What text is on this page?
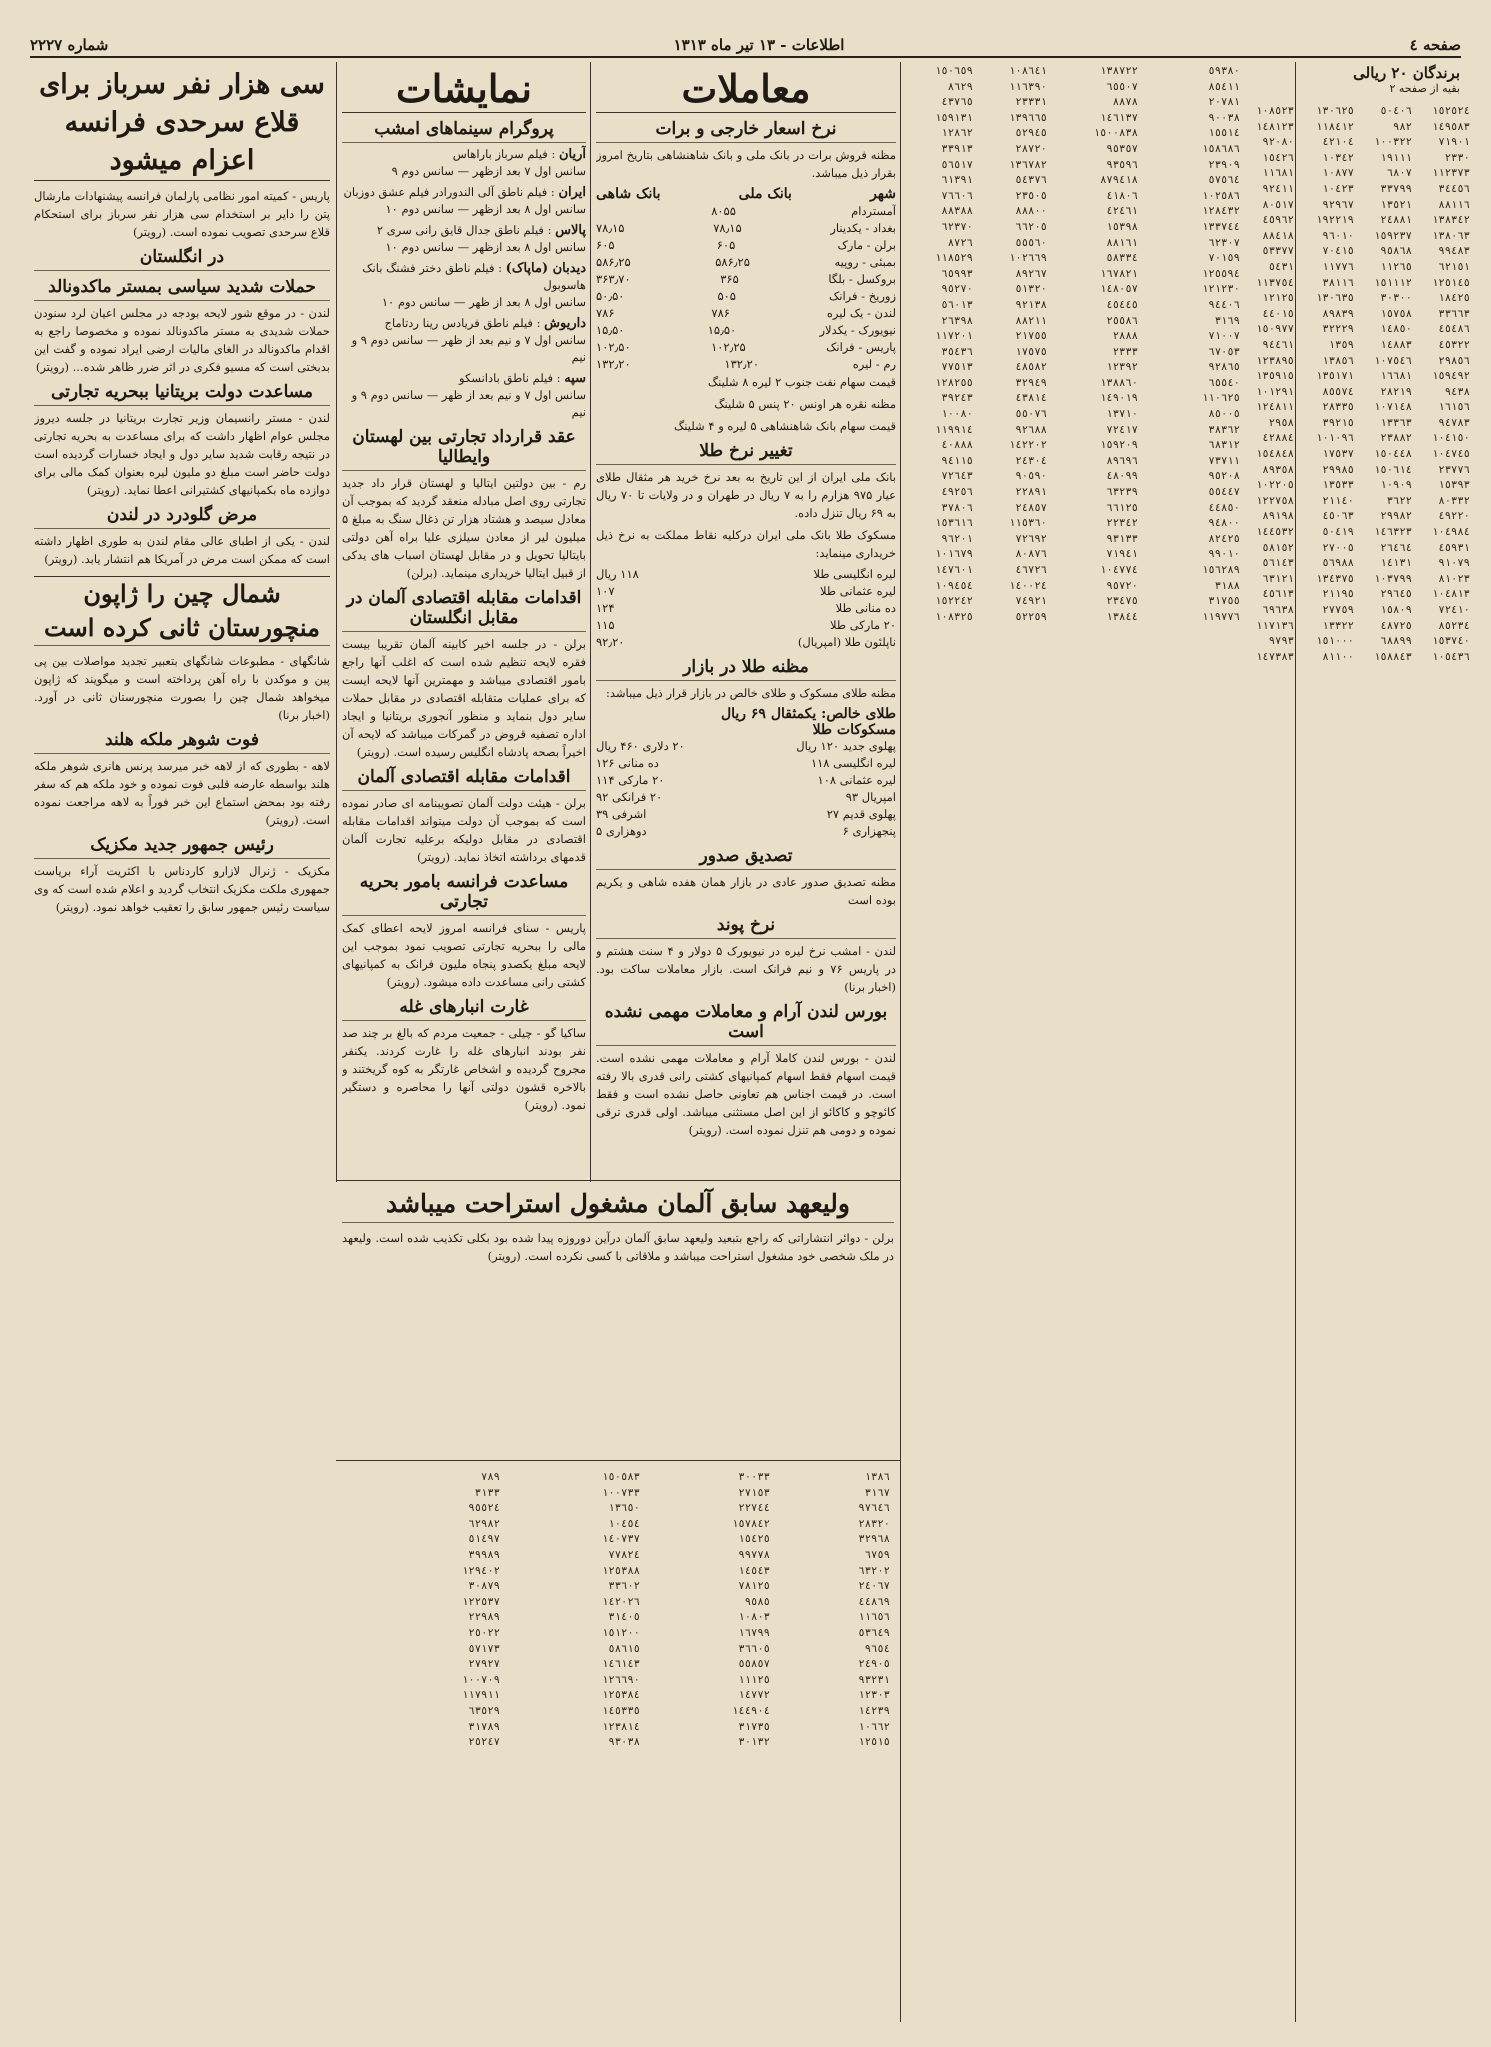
صفحه ٤
اطلاعات - ۱۳ تیر ماه ۱۳۱۳
شماره ۲۲۲۷
برندگان ۲۰ ریالی
بقیه از صفحه ۲
١٥٢٥٢٤
١٤٩٥٨٣
٧١٩٠١
٢٣٣٠
١١٢٣٧٣
٣٤٤٥٦
٨٨١١٦
١٣٨٣٤٢
١٣٨٠٦٣
٩٩٤٨٣
٦٢١٥١
١٢٥١٤٥
١٨٤٢٥
٣٣٦٦٣
٤٥٤٨٦
٤٥٣٢٢
٢٩٨٥٦
١٥٩٤٩٢
٩٤٣٨
١٦١٥٦
٩٤٧٨٣
١٠٤١٥٠
١٠٤٧٤٥
٢٣٧٧٦
١٥٣٩٣
٨٠٣٣٢
٤٩٢٢٠
١٠٤٩٨٤
٤٥٩٣١
٩١٠٧٩
٨١٠٢٣
١٠٤٨١٣
٧٢٤١٠
٨٥٢٣٤
١٥٣٧٤٠
١٠٥٤٣٦
٥٠٤٠٦
٩٨٢
١٠٠٣٢٢
١٩١١١
٦٨٠٧
٣٣٧٩٩
١٣٥٢١
٢٤٨٨١
١٥٩٢٣٧
٩٥٨٦٨
١١٢٦٥
١٥١١١٢
٣٠٣٠٠
١٥٧٥٨
١٤٨٥٠
١٤٨٨٣
١٠٧٥٤٦
١٦٦٨١
٢٨٢١٩
١٠٧١٤٨
١٣٣٦٣
٢٣٨٨٢
١٥٠٤٤٨
١٥٠٦١٤
١٠٩٠٩
٣٦٢٢
٢٩٩٨٢
١٤٦٣٢٣
٢٦٤٦٤
١٤١٣١
١٠٣٧٩٩
٢٩٦٤٥
١٥٨٠٩
٤٨٧٢٥
٦٨٨٩٩
١٥٨٨٤٣
١٣٠٦٢٥
١١٨٤١٢
٤٢١٠٤
١٠٣٤٢
١٠٨٧٧
١٠٤٢٣
٩٢٩٦٧
١٩٢٢١٩
٩٦٠١٠
٧٠٤١٥
١١٧٧٦
٣٨١١٦
١٣٠٦٣٥
٨٩٨٣٩
٣٢٢٢٩
١٣٥٩
١٣٨٥٦
١٣٥١٧١
٨٥٥٧٤
٢٨٣٣٥
٣٩٢١٥
١٠١٠٩٦
١٧٥٣٧
٢٩٩٨٥
١٣٥٣٣
٢١١٤٠
٤٥٠٦٣
٥٠٤١٩
٢٧٠٠٥
٥٦٩٨٨
١٣٤٣٧٥
٢١١٩٥
٢٧٧٥٩
١٣٣٢٢
١٥١٠٠٠
٨١١٠٠
١٠٨٥٢٣
١٤٨١٢٣
٩٢٠٨٠
١٥٤٢٦
١١٦٨١
٩٢٤١١
٨٠٥١٧
٤٥٩٦٢
٨٨٤١٨
٥٣٣٧٧
٥٤٣١
١١٣٧٥٤
١٢١٢٥
٤٤٠١٥
١٥٠٩٧٧
٩٤٤٦١
١٢٣٨٩٥
١٣٥٩١٥
١٠١٢٩١
١٢٤٨١١
٢٩٥٨
٤٢٨٨٤
١٥٤٨٤٨
٨٩٣٥٨
١٠٢٢٠٥
١٢٢٧٥٨
٨٩١٩٨
١٤٤٥٣٢
٥٨١٥٢
٥٦١٤٣
٦٣١٢١
٤٥٦١٣
٦٩٦٣٨
١١٧١٣٦
٩٧٩٣
١٤٧٣٨٣
٥٩٣٨٠
٨٥٤١١
٢٠٧٨١
٩٠٠٣٨
١٥٥١٤
١٥٨٦٨٦
٢٣٩٠٩
٥٧٥٦٤
١٠٢٥٨٦
١٢٨٤٣٢
١٣٣٧٤٤
٦٢٣٠٧
٧٠١٥٩
١٢٥٥٩٤
١٢١٢٣٠
٩٤٤٠٦
٣١٦٩
٧١٠٠٧
٦٧٠٥٣
٩٢٨٦٥
٦٥٥٤٠
١١٠٦٢٥
٨٥٠٠٥
٣٨٣٦٢
٦٨٣١٢
٧٣٧١١
٩٥٢٠٨
٥٥٤٤٧
٤٤٨٥٠
٩٤٨٠٠
٨٢٤٢٥
٩٩٠١٠
١٥٦٢٨٩
٣١٨٨
٣١٧٥٥
١١٩٧٧٦
١٣٨٧٢٢
٦٥٥٠٧
٨٨٧٨
١٤٦١٣٧
١٥٠٠٨٣٨
٩٥٣٥٧
٩٣٥٩٦
٨٧٩٤١٨
٤١٨٠٦
٤٢٤٦١
١٥٣٩٨
٨٨١٦١
٥٨٣٣٤
١٦٧٨٢١
١٤٨٠٥٧
٤٥٤٤٥
٢٥٥٨٦
٢٨٨٨
٢٣٣٣
١٢٣٩٢
١٣٨٨٦٠
١٤٩٠١٩
١٣٧١٠
٧٢٤١٧
١٥٩٢٠٩
٨٩٦٩٦
٤٨٠٩٩
٦٣٢٣٩
٦٦١٢٥
٢٢٣٤٢
٩٣١٣٣
٧١٩٤١
١٠٤٧٧٤
٩٥٧٢٠
٢٣٤٧٥
١٣٨٤٤
١٠٨٦٤١
١١٦٣٩٠
٢٣٣٣١
١٣٩٦٦٥
٥٢٩٤٥
٢٨٧٢٠
١٣٦٧٨٢
٥٤٣٧٦
٢٣٥٠٥
٨٨٨٠٠
٦٦٢٠٥
٥٥٥٦٠
١٠٢٦٦٩
٨٩٢٦٧
٥١٣٢٠
٩٢١٣٨
٨٨٢١١
٢١٧٥٥
١٧٥٧٥
٤٨٥٨٢
٣٢٩٤٩
٤٣٨١٤
٥٥٠٧٦
٩٢٦٨٨
١٤٢٢٠٢
٢٤٣٠٤
٩٠٥٩٠
٢٢٨٩١
٢٤٨٥٧
١١٥٣٦٠
٧٢٦٩٢
٨٠٨٧٦
٤٦٧٢٦
١٤٠٠٢٤
٧٤٩٢١
٥٢٢٥٩
١٥٠٦٥٩
٨٦٢٩
٤٣٧٦٥
١٥٩١٣١
١٢٨٦٢
٣٣٩١٣
٥٦٥١٧
٦١٣٩١
٧٦٦٠٦
٨٨٣٨٨
٦٢٣٧٠
٨٧٢٦
١١٨٥٢٩
٦٥٩٩٣
٩٥٢٧٠
٥٦٠١٣
٢٦٣٩٨
١١٧٢٠١
٣٥٤٣٦
٧٧٥١٣
١٢٨٢٥٥
٣٩٢٤٣
١٠٠٨٠
١١٩٩١٤
٤٠٨٨٨
٩٤١١٥
٧٢٦٤٣
٤٩٢٥٦
٣٧٨٠٦
١٥٣٦١٦
٩٦٢٠١
١٠١٦٧٩
١٤٧٦٠١
١٠٩٤٥٤
١٥٢٢٤٢
١٠٨٣٢٥
معاملات
نرخ اسعار خارجی و برات

مظنه فروش برات در بانک ملی و بانک شاهنشاهی بتاریخ امروز بقرار ذیل میباشد.

شهر
بانک ملی
بانک شاهی
آمستردام
۸۰۵۵
بغداد - یکدینار
۷۸٫۱۵
۷۸٫۱۵
برلن - مارک
۶۰۵
۶۰۵
بمبئی - روپیه
۵۸۶٫۲۵
۵۸۶٫۲۵
بروکسل - بلگا
۳۶۵
۳۶۳٫۷۰
زوریخ - فرانک
۵۰۵
۵۰٫۵۰
لندن - یک لیره
۷۸۶
۷۸۶
نیویورک - یکدلار
۱۵٫۵۰
۱۵٫۵۰
پاریس - فرانک
۱۰۲٫۲۵
۱۰۲٫۵۰
رم - لیره
۱۳۲٫۲۰
۱۳۲٫۲۰

قیمت سهام نفت جنوب ۲ لیره ۸ شلینگ

مظنه نقره هر اونس ۲۰ پنس ۵ شلینگ

قیمت سهام بانک شاهنشاهی ۵ لیره و ۴ شلینگ

تغییر نرخ طلا

بانک ملی ایران از این تاریخ به بعد نرخ خرید هر مثقال طلای عیار ۹۷۵ هزارم را به ۷ ریال در طهران و در ولایات تا ۷۰ ریال به ۶۹ ریال تنزل داده.

مسکوک طلا بانک ملی ایران درکلیه نقاط مملکت به نرخ ذیل خریداری مینماید:

لیره انگلیسی طلا
۱۱۸ ریال
لیره عثمانی طلا
۱۰۷
ده منانی طلا
۱۲۴
۲۰ مارکی طلا
۱۱۵
ناپلئون طلا (امپریال)
۹۲٫۲۰
مظنه طلا در بازار

مظنه طلای مسکوک و طلای خالص در بازار قرار ذیل میباشد:

طلای خالص: یکمثقال ۶۹ ریال
مسکوکات طلا
پهلوی جدید ۱۲۰ ریال
۲۰ دلاری ۴۶۰ ریال
لیره انگلیسی ۱۱۸
ده منانی ۱۲۶
لیره عثمانی ۱۰۸
۲۰ مارکی ۱۱۴
امپریال ۹۳
۲۰ فرانکی ۹۲
پهلوی قدیم ۲۷
اشرفی ۳۹
پنجهزاری ۶
دوهزاری ۵
تصدیق صدور

مظنه تصدیق صدور عادی در بازار همان هفده شاهی و یکریم بوده است

نرخ پوند

لندن - امشب نرخ لیره در نیویورک ۵ دولار و ۴ سنت هشتم و در پاریس ۷۶ و نیم فرانک است. بازار معاملات ساکت بود. (اخبار برنا)

بورس لندن آرام و معاملات مهمی نشده است

لندن - بورس لندن کاملا آرام و معاملات مهمی نشده است. قیمت اسهام فقط اسهام کمپانیهای کشتی رانی قدری بالا رفته است. در قیمت اجناس هم تعاونی حاصل نشده است و فقط کائوچو و کاکائو از این اصل مستثنی میباشد. اولی قدری ترقی نموده و دومی هم تنزل نموده است. (رویتر)

نمایشات
پروگرام سینماهای امشب
آریان : فیلم سرباز باراهاس
سانس اول ۷ بعد ازظهر — سانس دوم ۹
ایران : فیلم ناطق آلی الندورادر فیلم عشق دوزبان
سانس اول ۸ بعد ازظهر — سانس دوم ۱۰
پالاس : فیلم ناطق جدال قایق رانی سری ۲
سانس اول ۸ بعد ازظهر — سانس دوم ۱۰
دیدبان (ماپاک) : فیلم ناطق دختر فشنگ بانک هاسوبول
سانس اول ۸ بعد از ظهر — سانس دوم ۱۰
داریوش : فیلم ناطق فریادس رینا ردتاماج
سانس اول ۷ و نیم بعد از ظهر — سانس دوم ۹ و نیم
سپه : فیلم ناطق بادانسکو
سانس اول ۷ و نیم بعد از ظهر — سانس دوم ۹ و نیم
عقد قرارداد تجارتی بین لهستان وایطالیا

رم - بین دولتین ایتالیا و لهستان قرار داد جدید تجارتی روی اصل مبادله منعقد گردید که بموجب آن معادل سیصد و هشتاد هزار تن ذغال سنگ به مبلغ ۵ میلیون لیر از معادن سیلزی علیا براه آهن دولتی بایتالیا تحویل و در مقابل لهستان اسباب های یدکی از قبیل ایتالیا خریداری مینماید. (برلن)

اقدامات مقابله اقتصادی آلمان در مقابل انگلستان

برلن - در جلسه اخیر کابینه آلمان تقریبا بیست فقره لایحه تنظیم شده است که اغلب آنها راجع بامور اقتصادی میباشد و مهمترین آنها لایحه ایست که برای عملیات متقابله اقتصادی در مقابل حملات سایر دول بنماید و منظور آنجوری بریتانیا و ایجاد اداره تصفیه قروض در گمرکات میباشد که لایحه آن اخیراً بصحه پادشاه انگلیس رسیده است. (رویتر)

اقدامات مقابله اقتصادی آلمان

برلن - هیئت دولت آلمان تصویبنامه ای صادر نموده است که بموجب آن دولت میتواند اقدامات مقابله اقتصادی در مقابل دولیکه برعلیه تجارت آلمان قدمهای برداشته اتخاذ نماید. (رویتر)

مساعدت فرانسه بامور بحریه تجارتی

پاریس - سنای فرانسه امروز لایحه اعطای کمک مالی را ببحریه تجارتی تصویب نمود بموجب این لایحه مبلغ یکصدو پنجاه ملیون فرانک به کمپانیهای کشتی رانی مساعدت داده میشود. (رویتر)

غارت انبارهای غله

ساکیا گو - چیلی - جمعیت مردم که بالغ بر چند صد نفر بودند انبارهای غله را غارت کردند. یکنفر مجروح گردیده و اشخاص غارتگر به کوه گریختند و بالاخره قشون دولتی آنها را محاصره و دستگیر نمود. (رویتر)

ولیعهد سابق آلمان مشغول استراحت میباشد

برلن - دوائر انتشاراتی که راجع بتبعید ولیعهد سابق آلمان درآین دوروزه پیدا شده بود بکلی تکذیب شده است. ولیعهد در ملک شخصی خود مشغول استراحت میباشد و ملاقاتی با کسی نکرده است. (رویتر)

١٣٨٦
٣١٦٧
٩٧٦٤٦
٢٨٣٢٠
٣٢٩٦٨
٦٧٥٩
٦٣٢٠٢
٢٤٠٦٧
٤٤٨٦٩
١١٦٥٦
٥٣٦٤٩
٩٦٥٤
٢٤٩٠٥
٩٣٢٣١
١٢٣٠٣
١٤٢٣٩
١٠٦٦٢
١٢٥١٥
٣٠٠٣٣
٢٧١٥٣
٢٢٧٤٤
١٥٧٨٤٢
١٥٤٢٥
٩٩٧٧٨
١٤٥٤٣
٧٨١٢٥
٩٥٨٥
١٠٨٠٣
١٦٧٩٩
٣٦٦٠٥
٥٥٨٥٧
١١١٢٥
١٤٧٧٢
١٤٤٩٠٤
٣١٧٣٥
٣٠١٣٢
١٥٠٥٨٣
١٠٠٧٣٣
١٣٦٥٠
١٠٤٥٤
١٤٠٧٣٧
٧٧٨٢٤
١٢٥٣٨٨
٣٣٦٠٢
١٤٢٠٢٦
٣١٤٠٥
١٥١٢٠٠
٥٨٦١٥
١٤٦١٤٣
١٢٦٦٩٠
١٢٥٣٨٤
١٤٥٣٣٥
١٢٣٨١٤
٩٣٠٣٨
٧٨٩
٣١٣٣
٩٥٥٢٤
٦٢٩٨٢
٥١٤٩٧
٣٩٩٨٩
١٢٩٤٠٢
٣٠٨٧٩
١٢٢٥٣٧
٢٢٩٨٩
٢٥٠٢٢
٥٧١٧٣
٢٧٩٢٧
١٠٠٧٠٩
١١٧٩١١
٦٣٥٢٩
٣١٧٨٩
٢٥٢٤٧
سی هزار نفر سرباز برای قلاع سرحدی فرانسه اعزام میشود

پاریس - کمیته امور نظامی پارلمان فرانسه پیشنهادات مارشال پتن را دایر بر استخدام سی هزار نفر سرباز برای استحکام قلاع سرحدی تصویب نموده است. (رویتر)

در انگلستان
حملات شدید سیاسی بمستر ماکدونالد

لندن - در موقع شور لایحه بودجه در مجلس اعیان لرد سنودن حملات شدیدی به مستر ماکدونالد نموده و مخصوصا راجع به اقدام ماکدونالد در الغای مالیات ارضی ایراد نموده و گفت این بدبختی است که مسیو فکری در اثر ضرر ظاهر شده... (رویتر)

مساعدت دولت بریتانیا ببحریه تجارتی

لندن - مستر رانسیمان وزیر تجارت بریتانیا در جلسه دیروز مجلس عوام اظهار داشت که برای مساعدت به بحریه تجارتی در نتیجه رقابت شدید سایر دول و ایجاد خسارات گردیده است دولت حاضر است مبلغ دو ملیون لیره بعنوان کمک مالی برای دوازده ماه بکمپانیهای کشتیرانی اعطا نماید. (رویتر)

مرض گلودرد در لندن

لندن - یکی از اطبای عالی مقام لندن به طوری اظهار داشته است که ممکن است مرض در آمریکا هم انتشار یابد. (رویتر)

شمال چین را ژاپون منچورستان ثانی کرده است

شانگهای - مطبوعات شانگهای بتعبیر تجدید مواصلات بین پی پین و موکدن با راه آهن پرداخته است و میگویند که ژاپون میخواهد شمال چین را بصورت منچورستان ثانی در آورد. (اخبار برنا)

فوت شوهر ملکه هلند

لاهه - بطوری که از لاهه خبر میرسد پرنس هانری شوهر ملکه هلند بواسطه عارضه قلبی فوت نموده و خود ملکه هم که سفر رفته بود بمحض استماع این خبر فوراً به لاهه مراجعت نموده است. (رویتر)

رئیس جمهور جدید مکزیک

مکزیک - ژنرال لازارو کاردناس با اکثریت آراء بریاست جمهوری ملکت مکزیک انتخاب گردید و اعلام شده است که وی سیاست رئیس جمهور سابق را تعقیب خواهد نمود. (رویتر)
